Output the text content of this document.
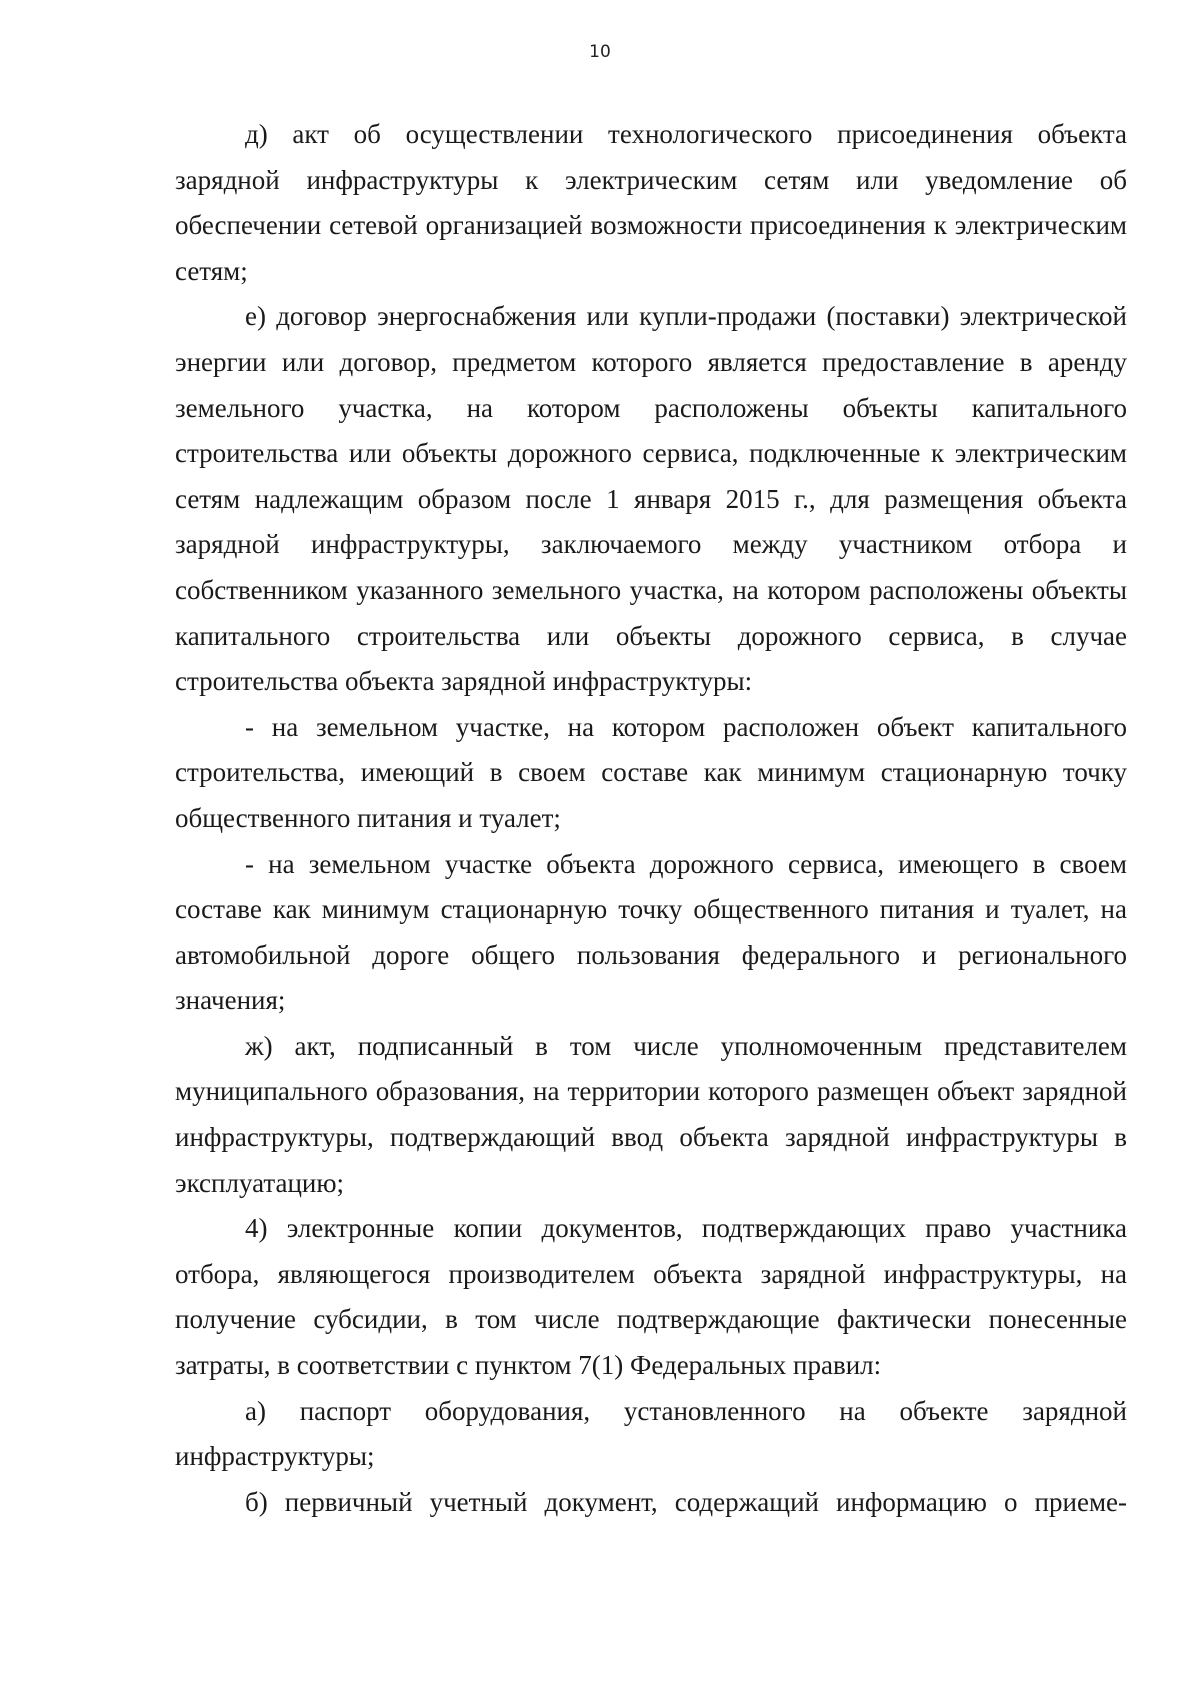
10

д) акт об осуществлении технологического присоединения объекта зарядной инфраструктуры к электрическим сетям или уведомление об обеспечении сетевой организацией возможности присоединения к электрическим сетям;

е) договор энергоснабжения или купли-продажи (поставки) электрической энергии или договор, предметом которого является предоставление в аренду земельного участка, на котором расположены объекты капитального строительства или объекты дорожного сервиса, подключенные к электрическим сетям надлежащим образом после 1 января 2015 г., для размещения объекта зарядной инфраструктуры, заключаемого между участником отбора и собственником указанного земельного участка, на котором расположены объекты капитального строительства или объекты дорожного сервиса, в случае строительства объекта зарядной инфраструктуры:

- на земельном участке, на котором расположен объект капитального строительства, имеющий в своем составе как минимум стационарную точку общественного питания и туалет;

- на земельном участке объекта дорожного сервиса, имеющего в своем составе как минимум стационарную точку общественного питания и туалет, на автомобильной дороге общего пользования федерального и регионального значения;

ж) акт, подписанный в том числе уполномоченным представителем муниципального образования, на территории которого размещен объект зарядной инфраструктуры, подтверждающий ввод объекта зарядной инфраструктуры в эксплуатацию;

4) электронные копии документов, подтверждающих право участника отбора, являющегося производителем объекта зарядной инфраструктуры, на получение субсидии, в том числе подтверждающие фактически понесенные затраты, в соответствии с пунктом 7(1) Федеральных правил:

а) паспорт оборудования, установленного на объекте зарядной инфраструктуры;

б) первичный учетный документ, содержащий информацию о приеме-
